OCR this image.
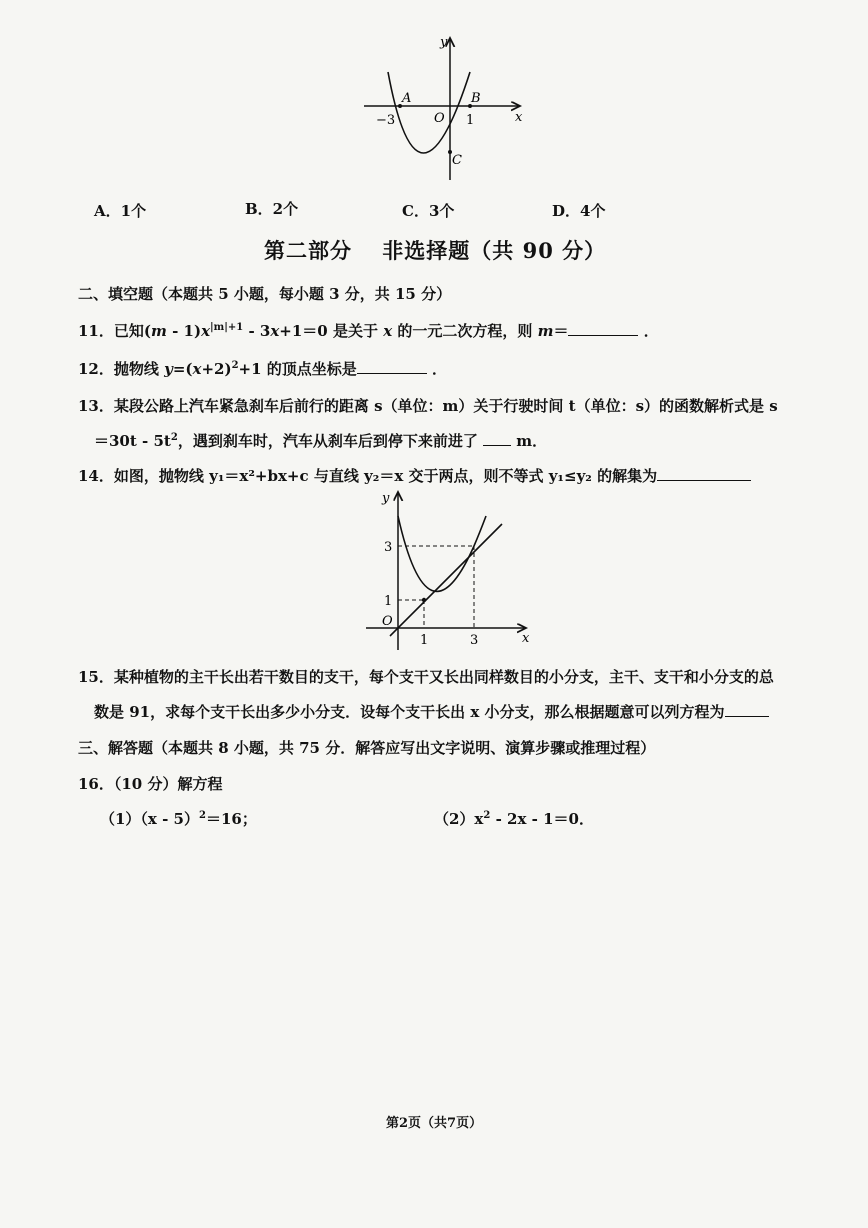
y
x
A	B
C
O
−3	1
A．1个	B．2个	C．3个	D．4个
第二部分　 非选择题（共 90 分）
二、填空题（本题共 5 小题，每小题 3 分，共 15 分）
11．已知$(m - 1)x^{|m|+1} - 3x+1=0$ 是关于 x 的一元二次方程，则 m＝	．
12．抛物线 $y=(x+2)^2+1$ 的顶点坐标是	．
13．某段公路上汽车紧急刹车后前行的距离 s（单位：m）关于行驶时间 t（单位：s）的函数解析式是 s
$=30t - 5t^2$，遇到刹车时，汽车从刹车后到停下来前进了  m．
14．如图，抛物线 y₁＝x²+bx+c 与直线 y₂＝x 交于两点，则不等式 y₁≤y₂ 的解集为
y
x
O
1	3
1
3
15．某种植物的主干长出若干数目的支干，每个支干又长出同样数目的小分支，主干、支干和小分支的总
数是 91，求每个支干长出多少小分支．设每个支干长出 x 小分支，那么根据题意可以列方程为
三、解答题（本题共 8 小题，共 75 分．解答应写出文字说明、演算步骤或推理过程）
16．（10 分）解方程
（1）（x - 5）$^2$＝16；	$(2)x^2 - 2x - 1=0$．
第2页（共7页）
